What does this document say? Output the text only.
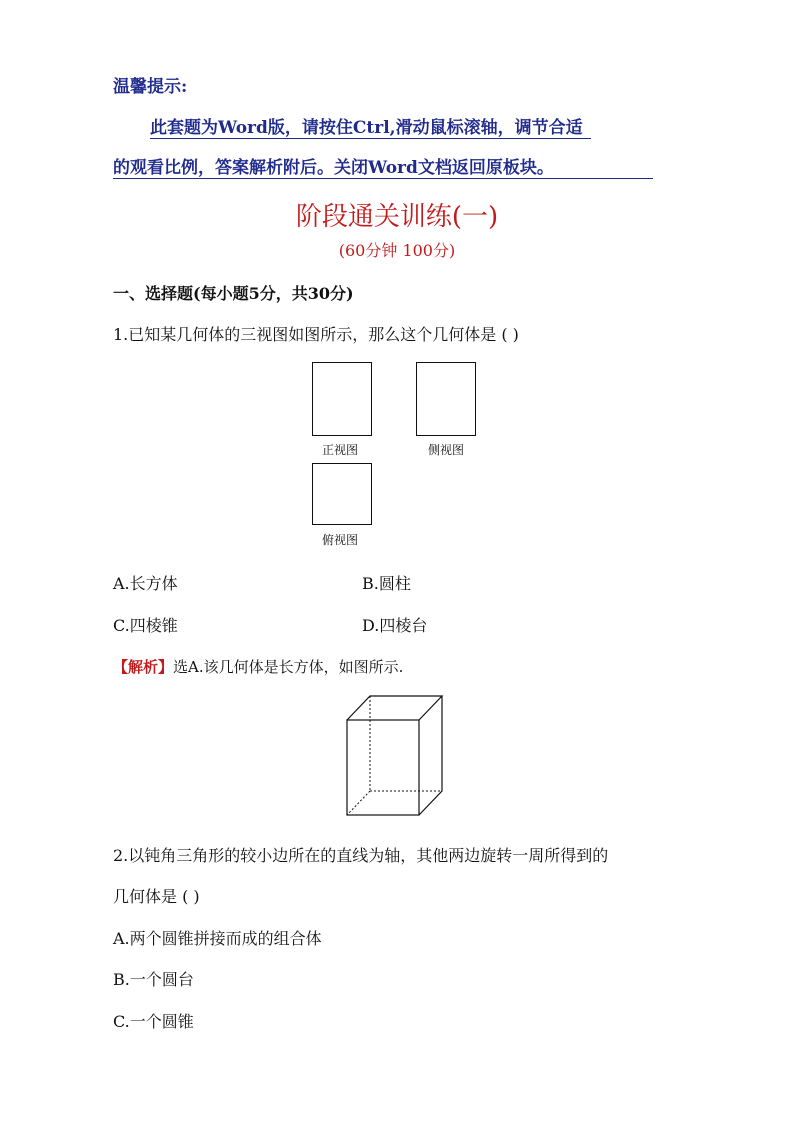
温馨提示:
此套题为Word版，请按住Ctrl,滑动鼠标滚轴，调节合适
的观看比例，答案解析附后。关闭Word文档返回原板块。
阶段通关训练(一)
(60分钟 100分)
一、选择题(每小题5分，共30分)
1.已知某几何体的三视图如图所示，那么这个几何体是 ( )
正视图	侧视图
俯视图
A.长方体	B.圆柱
C.四棱锥	D.四棱台
【解析】选A.该几何体是长方体，如图所示.
2.以钝角三角形的较小边所在的直线为轴，其他两边旋转一周所得到的
几何体是 ( )
A.两个圆锥拼接而成的组合体
B.一个圆台
C.一个圆锥
